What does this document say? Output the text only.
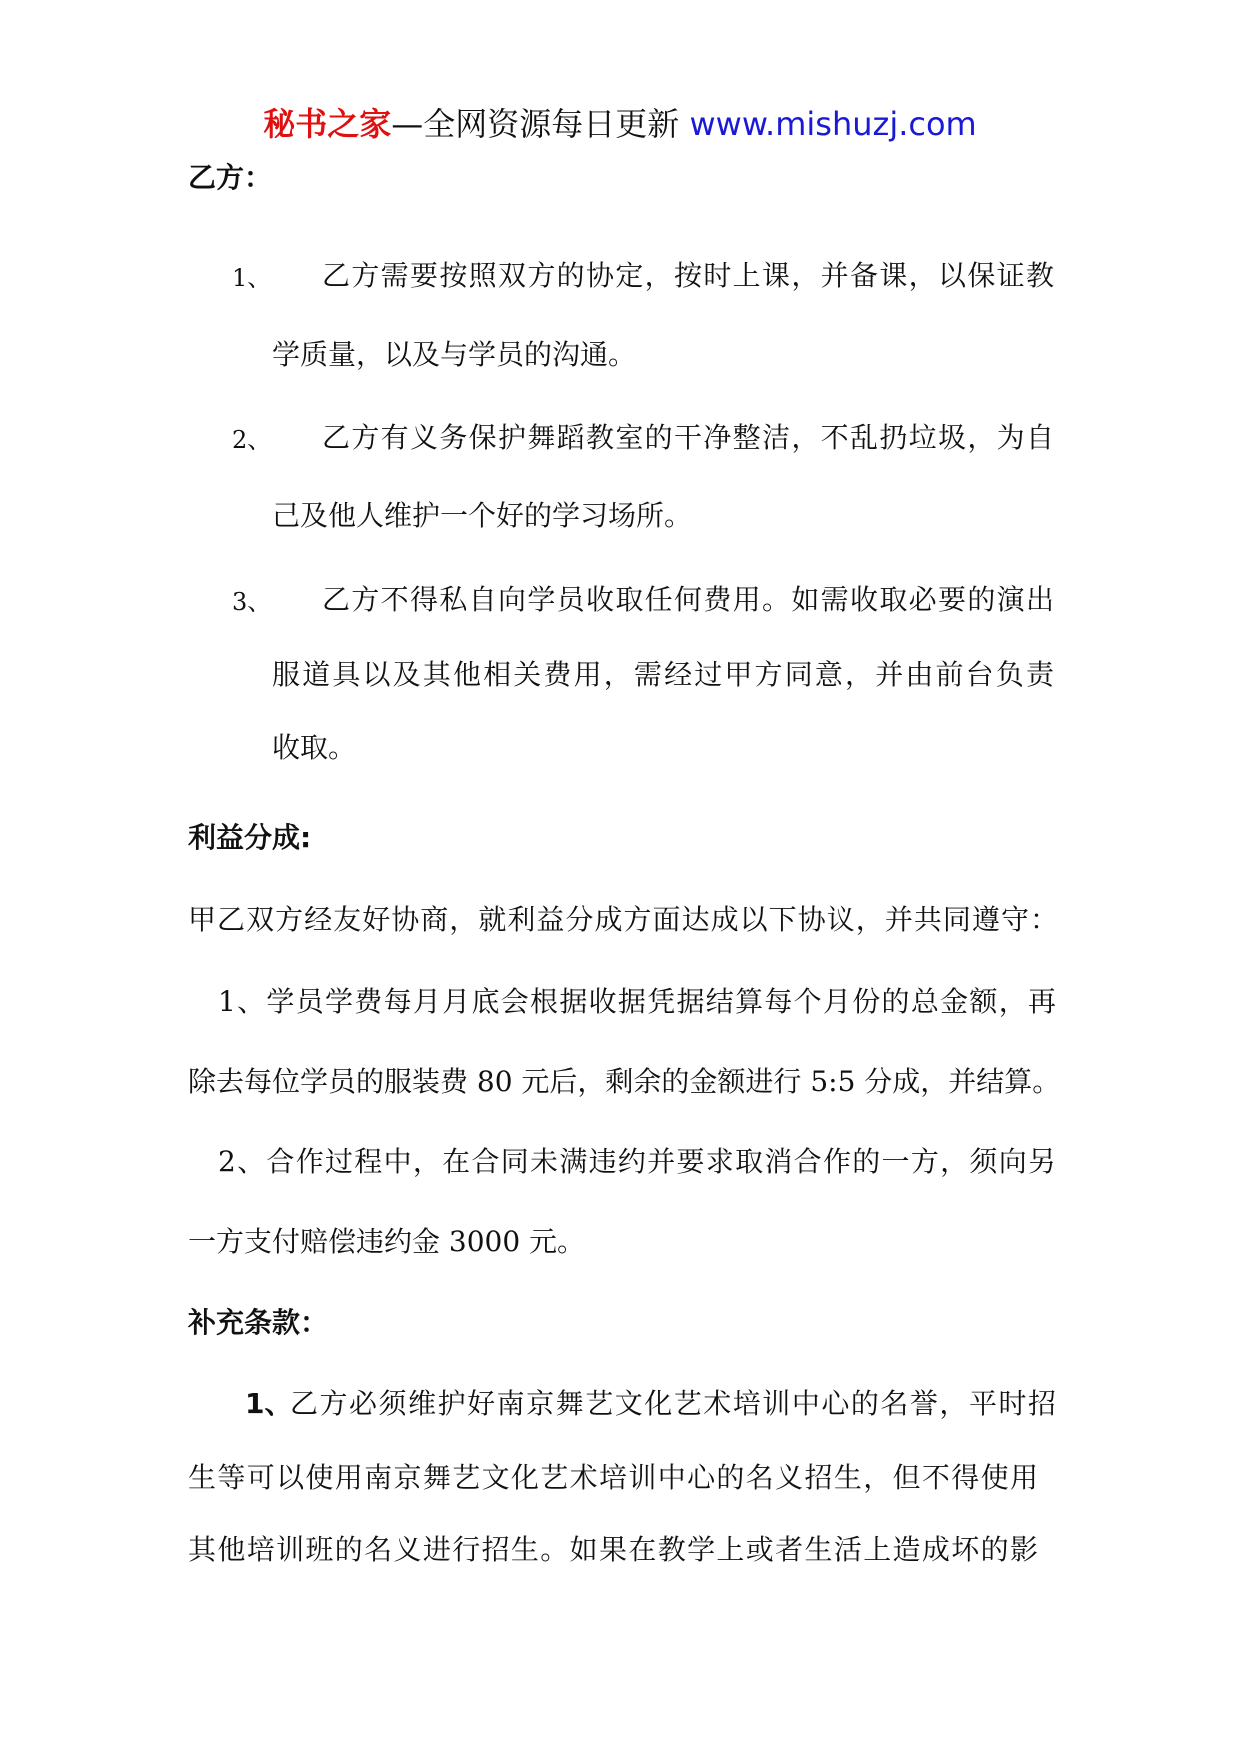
秘书之家—全网资源每日更新 www.mishuzj.com
乙方：
1、 乙方需要按照双方的协定，按时上课，并备课，以保证教
学质量，以及与学员的沟通。
2、 乙方有义务保护舞蹈教室的干净整洁，不乱扔垃圾，为自
己及他人维护一个好的学习场所。
3、 乙方不得私自向学员收取任何费用。如需收取必要的演出
服道具以及其他相关费用，需经过甲方同意，并由前台负责
收取。
利益分成:
甲乙双方经友好协商，就利益分成方面达成以下协议，并共同遵守：
1、学员学费每月月底会根据收据凭据结算每个月份的总金额，再
除去每位学员的服装费 80 元后，剩余的金额进行 5:5 分成，并结算。
2、合作过程中，在合同未满违约并要求取消合作的一方，须向另
一方支付赔偿违约金 3000 元。
补充条款：
1、
乙方必须维护好南京舞艺文化艺术培训中心的名誉，平时招
生等可以使用南京舞艺文化艺术培训中心的名义招生，但不得使用
其他培训班的名义进行招生。如果在教学上或者生活上造成坏的影
